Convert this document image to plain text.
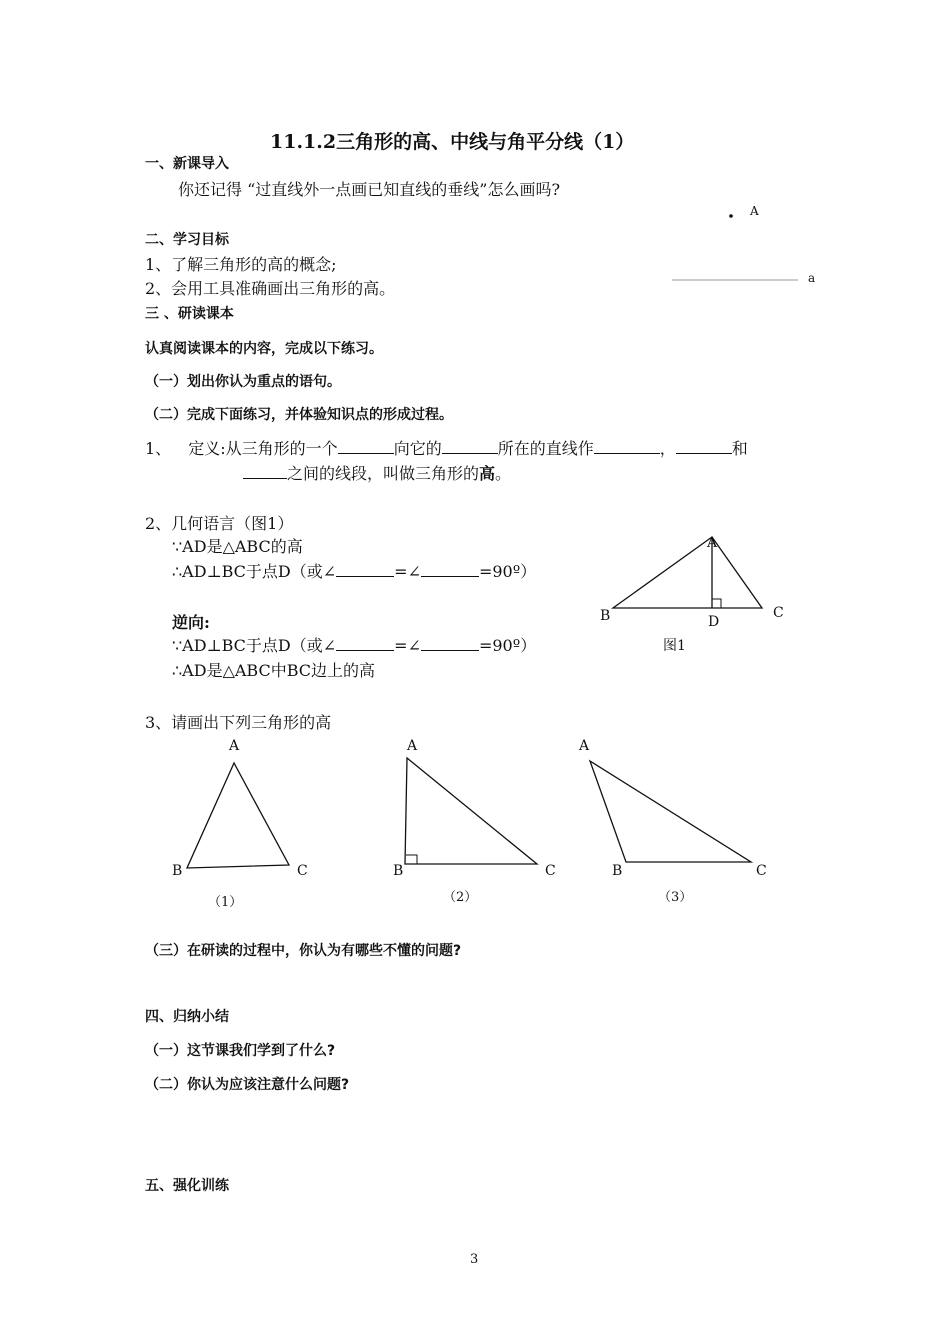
11.1.2三角形的高、中线与角平分线（1）
一、新课导入
你还记得 “过直线外一点画已知直线的垂线”怎么画吗?
A
a
二、学习目标
1、了解三角形的高的概念;
2、会用工具准确画出三角形的高。
三 、研读课本
认真阅读课本的内容，完成以下练习。
（一）划出你认为重点的语句。
（二）完成下面练习，并体验知识点的形成过程。
1、 定义:从三角形的一个	向它的	所在的直线作	，	和
之间的线段，叫做三角形的高。
2、几何语言（图1）
∵AD是△ABC的高
∴AD⊥BC于点D（或∠	=∠	=90º）
逆向:
∵AD⊥BC于点D（或∠	=∠	=90º）
∴AD是△ABC中BC边上的高
A
B	C
D
图1
3、请画出下列三角形的高
A
B	C
（1）
A
B	C
（2）
A
B	C
（3）
（三）在研读的过程中，你认为有哪些不懂的问题?
四、归纳小结
（一）这节课我们学到了什么?
（二）你认为应该注意什么问题?
五、强化训练
3
